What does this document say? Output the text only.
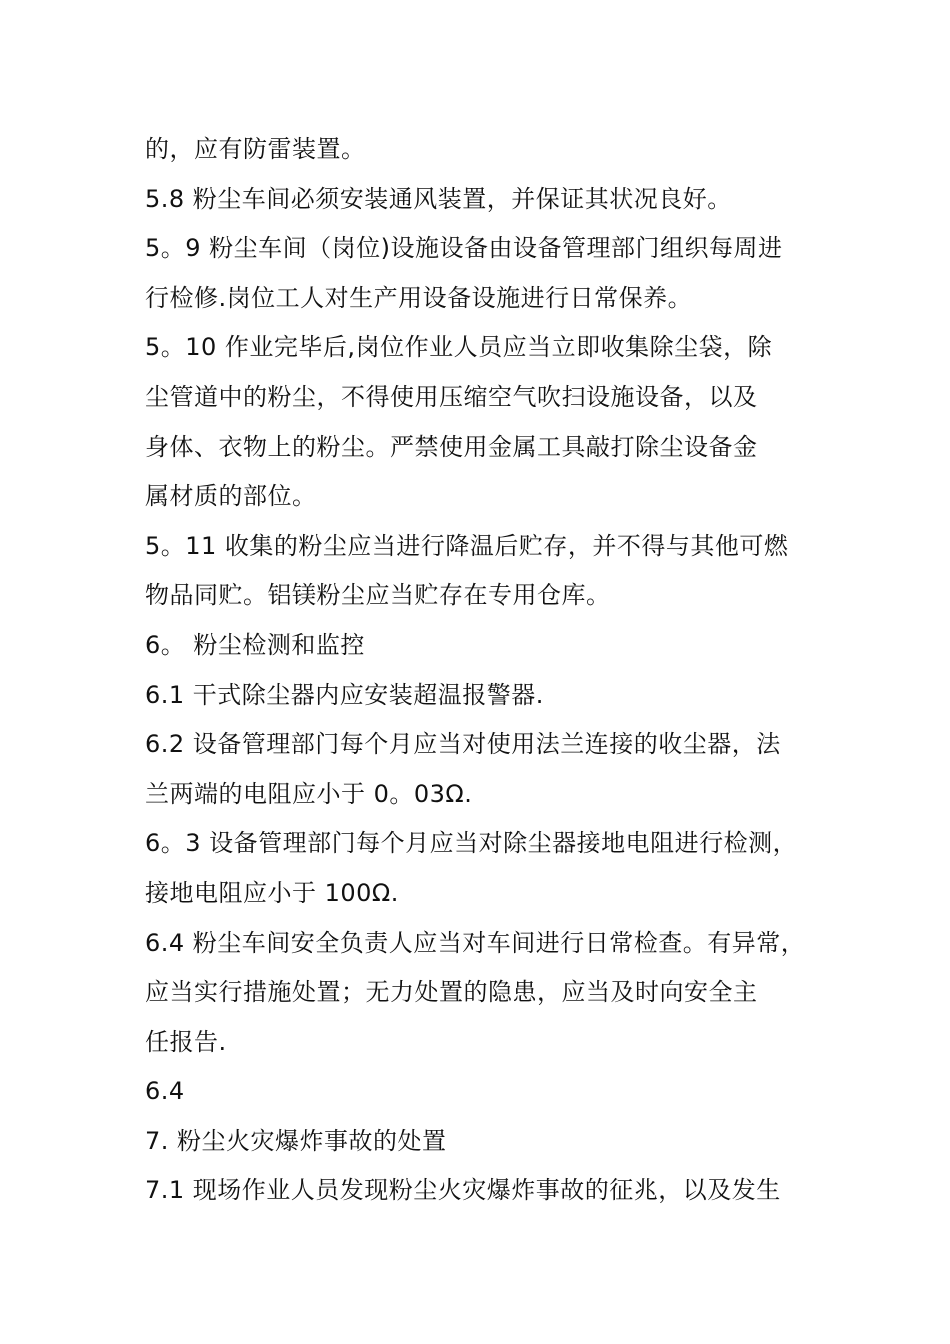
的，应有防雷装置。
5.8 粉尘车间必须安装通风装置，并保证其状况良好。
5。9 粉尘车间（岗位)设施设备由设备管理部门组织每周进
行检修.岗位工人对生产用设备设施进行日常保养。
5。10 作业完毕后,岗位作业人员应当立即收集除尘袋，除
尘管道中的粉尘，不得使用压缩空气吹扫设施设备，以及
身体、衣物上的粉尘。严禁使用金属工具敲打除尘设备金
属材质的部位。
5。11 收集的粉尘应当进行降温后贮存，并不得与其他可燃
物品同贮。铝镁粉尘应当贮存在专用仓库。
6。 粉尘检测和监控
6.1 干式除尘器内应安装超温报警器.
6.2 设备管理部门每个月应当对使用法兰连接的收尘器，法
兰两端的电阻应小于 0。03Ω.
6。3 设备管理部门每个月应当对除尘器接地电阻进行检测，
接地电阻应小于 100Ω.
6.4 粉尘车间安全负责人应当对车间进行日常检查。有异常，
应当实行措施处置；无力处置的隐患，应当及时向安全主
任报告.
6.4
7. 粉尘火灾爆炸事故的处置
7.1 现场作业人员发现粉尘火灾爆炸事故的征兆，以及发生
